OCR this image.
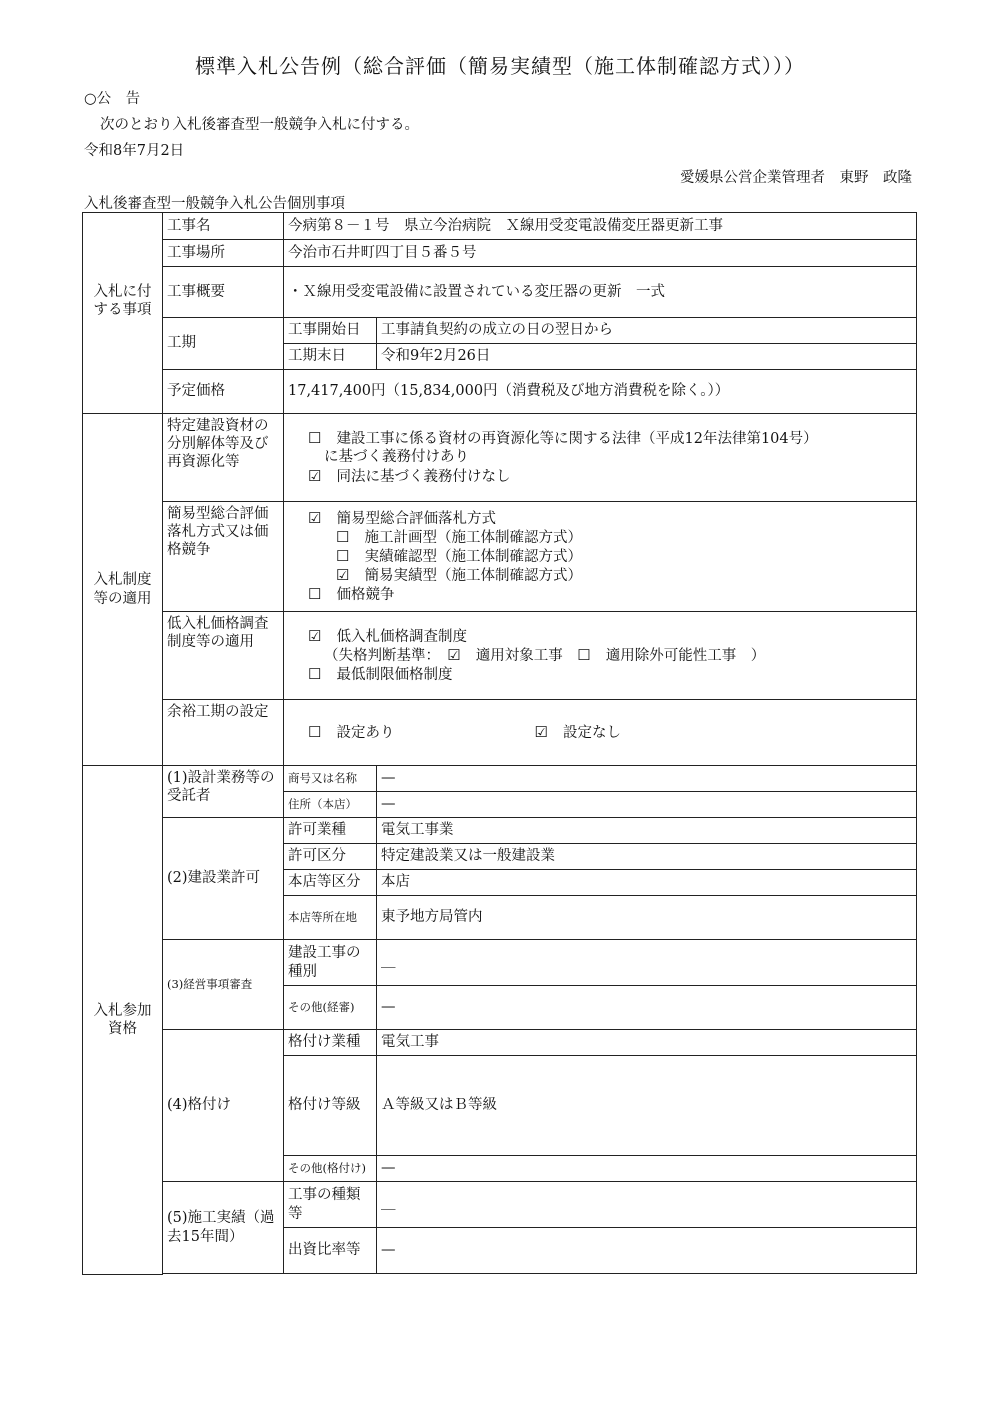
標準入札公告例（総合評価（簡易実績型（施工体制確認方式）））
○公　告
次のとおり入札後審査型一般競争入札に付する。
令和8年7月2日
愛媛県公営企業管理者　東野　政隆
入札後審査型一般競争入札公告個別事項
入札に付する事項	工事名	今病第８－１号　県立今治病院　Ｘ線用受変電設備変圧器更新工事	
	工事場所	今治市石井町四丁目５番５号	
	工事概要	・Ｘ線用受変電設備に設置されている変圧器の更新　一式	
	工期	工事開始日	工事請負契約の成立の日の翌日から
		工期末日	令和9年2月26日
	予定価格	17,417,400円（15,834,000円（消費税及び地方消費税を除く。））	
入札制度等の適用	特定建設資材の分別解体等及び再資源化等	☐　 建設工事に係る資材の再資源化等に関する法律（平成12年法律第104号）
に基づく義務付けあり
☑　 同法に基づく義務付けなし	

	簡易型総合評価落札方式又は価格競争	☑　 簡易型総合評価落札方式
☐　 施工計画型（施工体制確認方式）
☐　 実績確認型（施工体制確認方式）
☑　 簡易実績型（施工体制確認方式）
☐　 価格競争	

	低入札価格調査制度等の適用	☑　 低入札価格調査制度
（失格判断基準：　 ☑　 適用対象工事　 ☐　 適用除外可能性工事　）
☐　 最低制限価格制度	

	余裕工期の設定	☐　 設定あり ☑　 設定なし	

入札参加資格	(1)設計業務等の受託者	商号又は名称	—
		住所（本店）	—
	(2)建設業許可	許可業種	電気工事業
		許可区分	特定建設業又は一般建設業
		本店等区分	本店
		本店等所在地	東予地方局管内
	(3)経営事項審査	建設工事の種別	＿
		その他(経審)	—
	(4)格付け	格付け業種	電気工事
		格付け等級	Ａ等級又はＢ等級
		その他(格付け)	—
	(5)施工実績（過去15年間）	工事の種類等	＿
		出資比率等	—
